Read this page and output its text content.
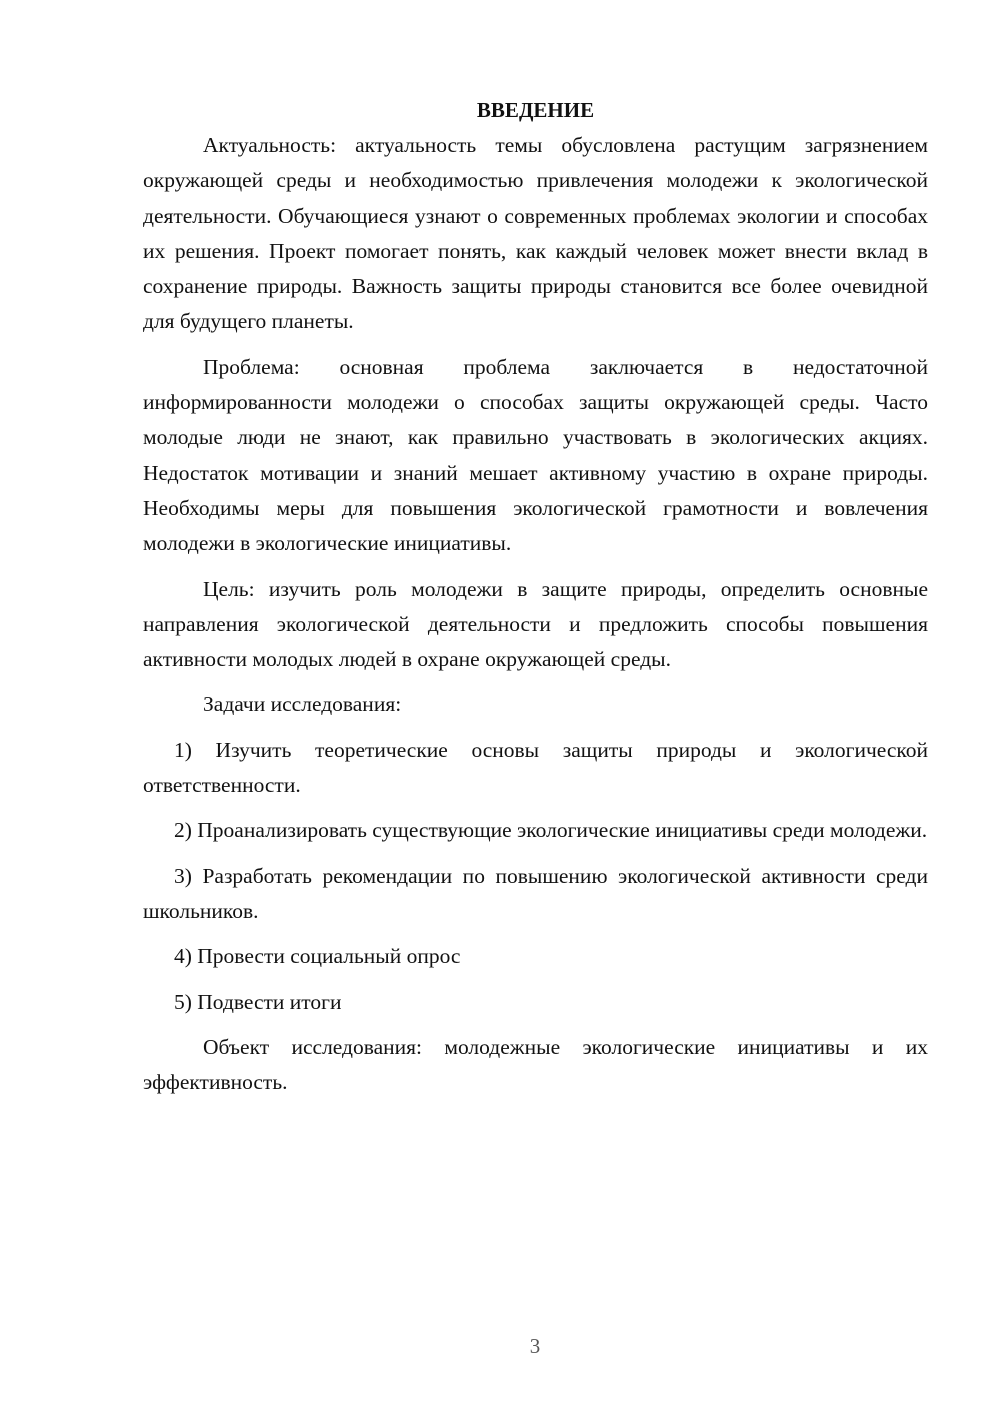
ВВЕДЕНИЕ

Актуальность: актуальность темы обусловлена растущим загрязнением окружающей среды и необходимостью привлечения молодежи к экологической деятельности. Обучающиеся узнают о современных проблемах экологии и способах их решения. Проект помогает понять, как каждый человек может внести вклад в сохранение природы. Важность защиты природы становится все более очевидной для будущего планеты.

Проблема: основная проблема заключается в недостаточной информированности молодежи о способах защиты окружающей среды. Часто молодые люди не знают, как правильно участвовать в экологических акциях. Недостаток мотивации и знаний мешает активному участию в охране природы. Необходимы меры для повышения экологической грамотности и вовлечения молодежи в экологические инициативы.

Цель: изучить роль молодежи в защите природы, определить основные направления экологической деятельности и предложить способы повышения активности молодых людей в охране окружающей среды.

Задачи исследования:

1) Изучить теоретические основы защиты природы и экологической ответственности.

2) Проанализировать существующие экологические инициативы среди молодежи.

3) Разработать рекомендации по повышению экологической активности среди школьников.

4) Провести социальный опрос

5) Подвести итоги

Объект исследования: молодежные экологические инициативы и их эффективность.

3
